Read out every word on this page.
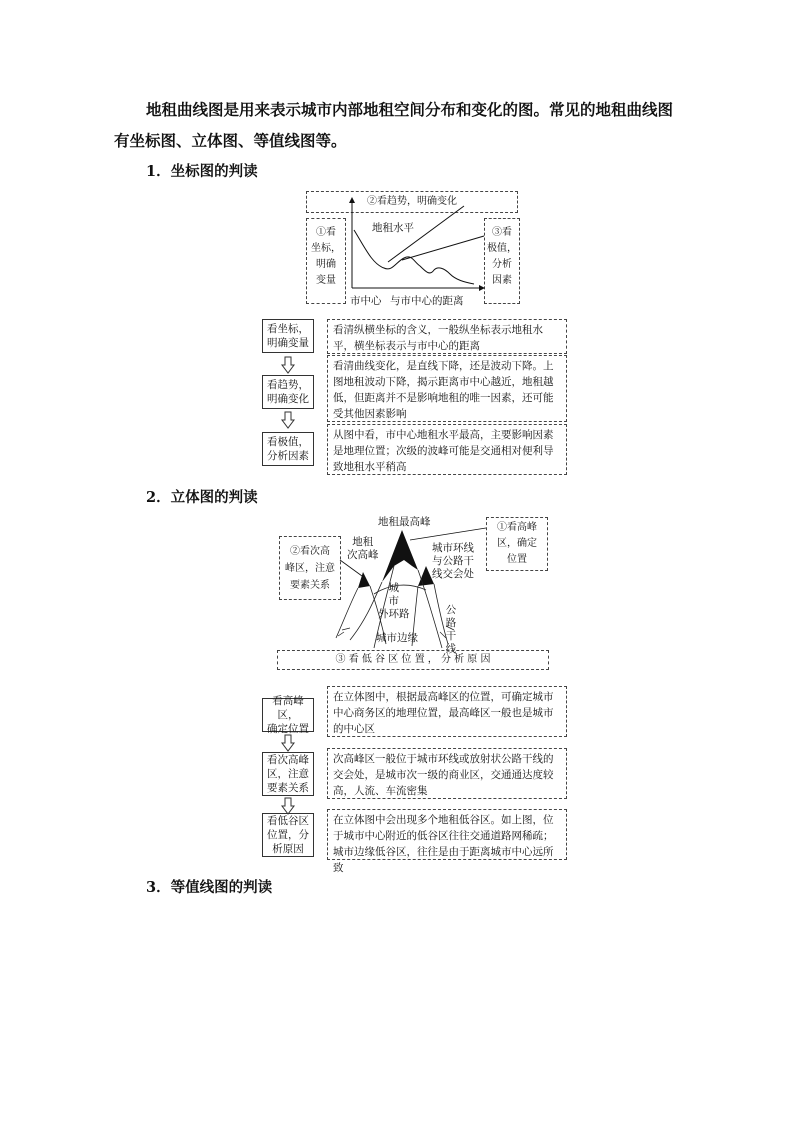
地租曲线图是用来表示城市内部地租空间分布和变化的图。常见的地租曲线图有坐标图、立体图、等值线图等。
1．坐标图的判读
②看趋势，明确变化
①看
坐标，
明确
变量
③看
极值，
分析
因素
地租水平
市中心 与市中心的距离
看坐标，
明确变量
看清纵横坐标的含义，一般纵坐标表示地租水平，横坐标表示与市中心的距离
看趋势，
明确变化
看清曲线变化，是直线下降，还是波动下降。上图地租波动下降，揭示距离市中心越近，地租越低，但距离并不是影响地租的唯一因素，还可能受其他因素影响
看极值，
分析因素
从图中看，市中心地租水平最高，主要影响因素是地理位置；次级的波峰可能是交通相对便利导致地租水平稍高
2．立体图的判读
地租最高峰
地租
次高峰
城市环线
与公路干
线交会处
城
市
外环路	公
路
干
线
城市边缘
①看高峰
区，确定
位置
②看次高
峰区，注意
要素关系
③ 看 低 谷 区 位 置 ， 分 析 原 因
看高峰区，
确定位置
在立体图中，根据最高峰区的位置，可确定城市中心商务区的地理位置，最高峰区一般也是城市的中心区
看次高峰
区，注意
要素关系
次高峰区一般位于城市环线或放射状公路干线的交会处，是城市次一级的商业区，交通通达度较高，人流、车流密集
看低谷区
位置，分
析原因
在立体图中会出现多个地租低谷区。如上图，位于城市中心附近的低谷区往往交通道路网稀疏；城市边缘低谷区，往往是由于距离城市中心远所致
3．等值线图的判读
